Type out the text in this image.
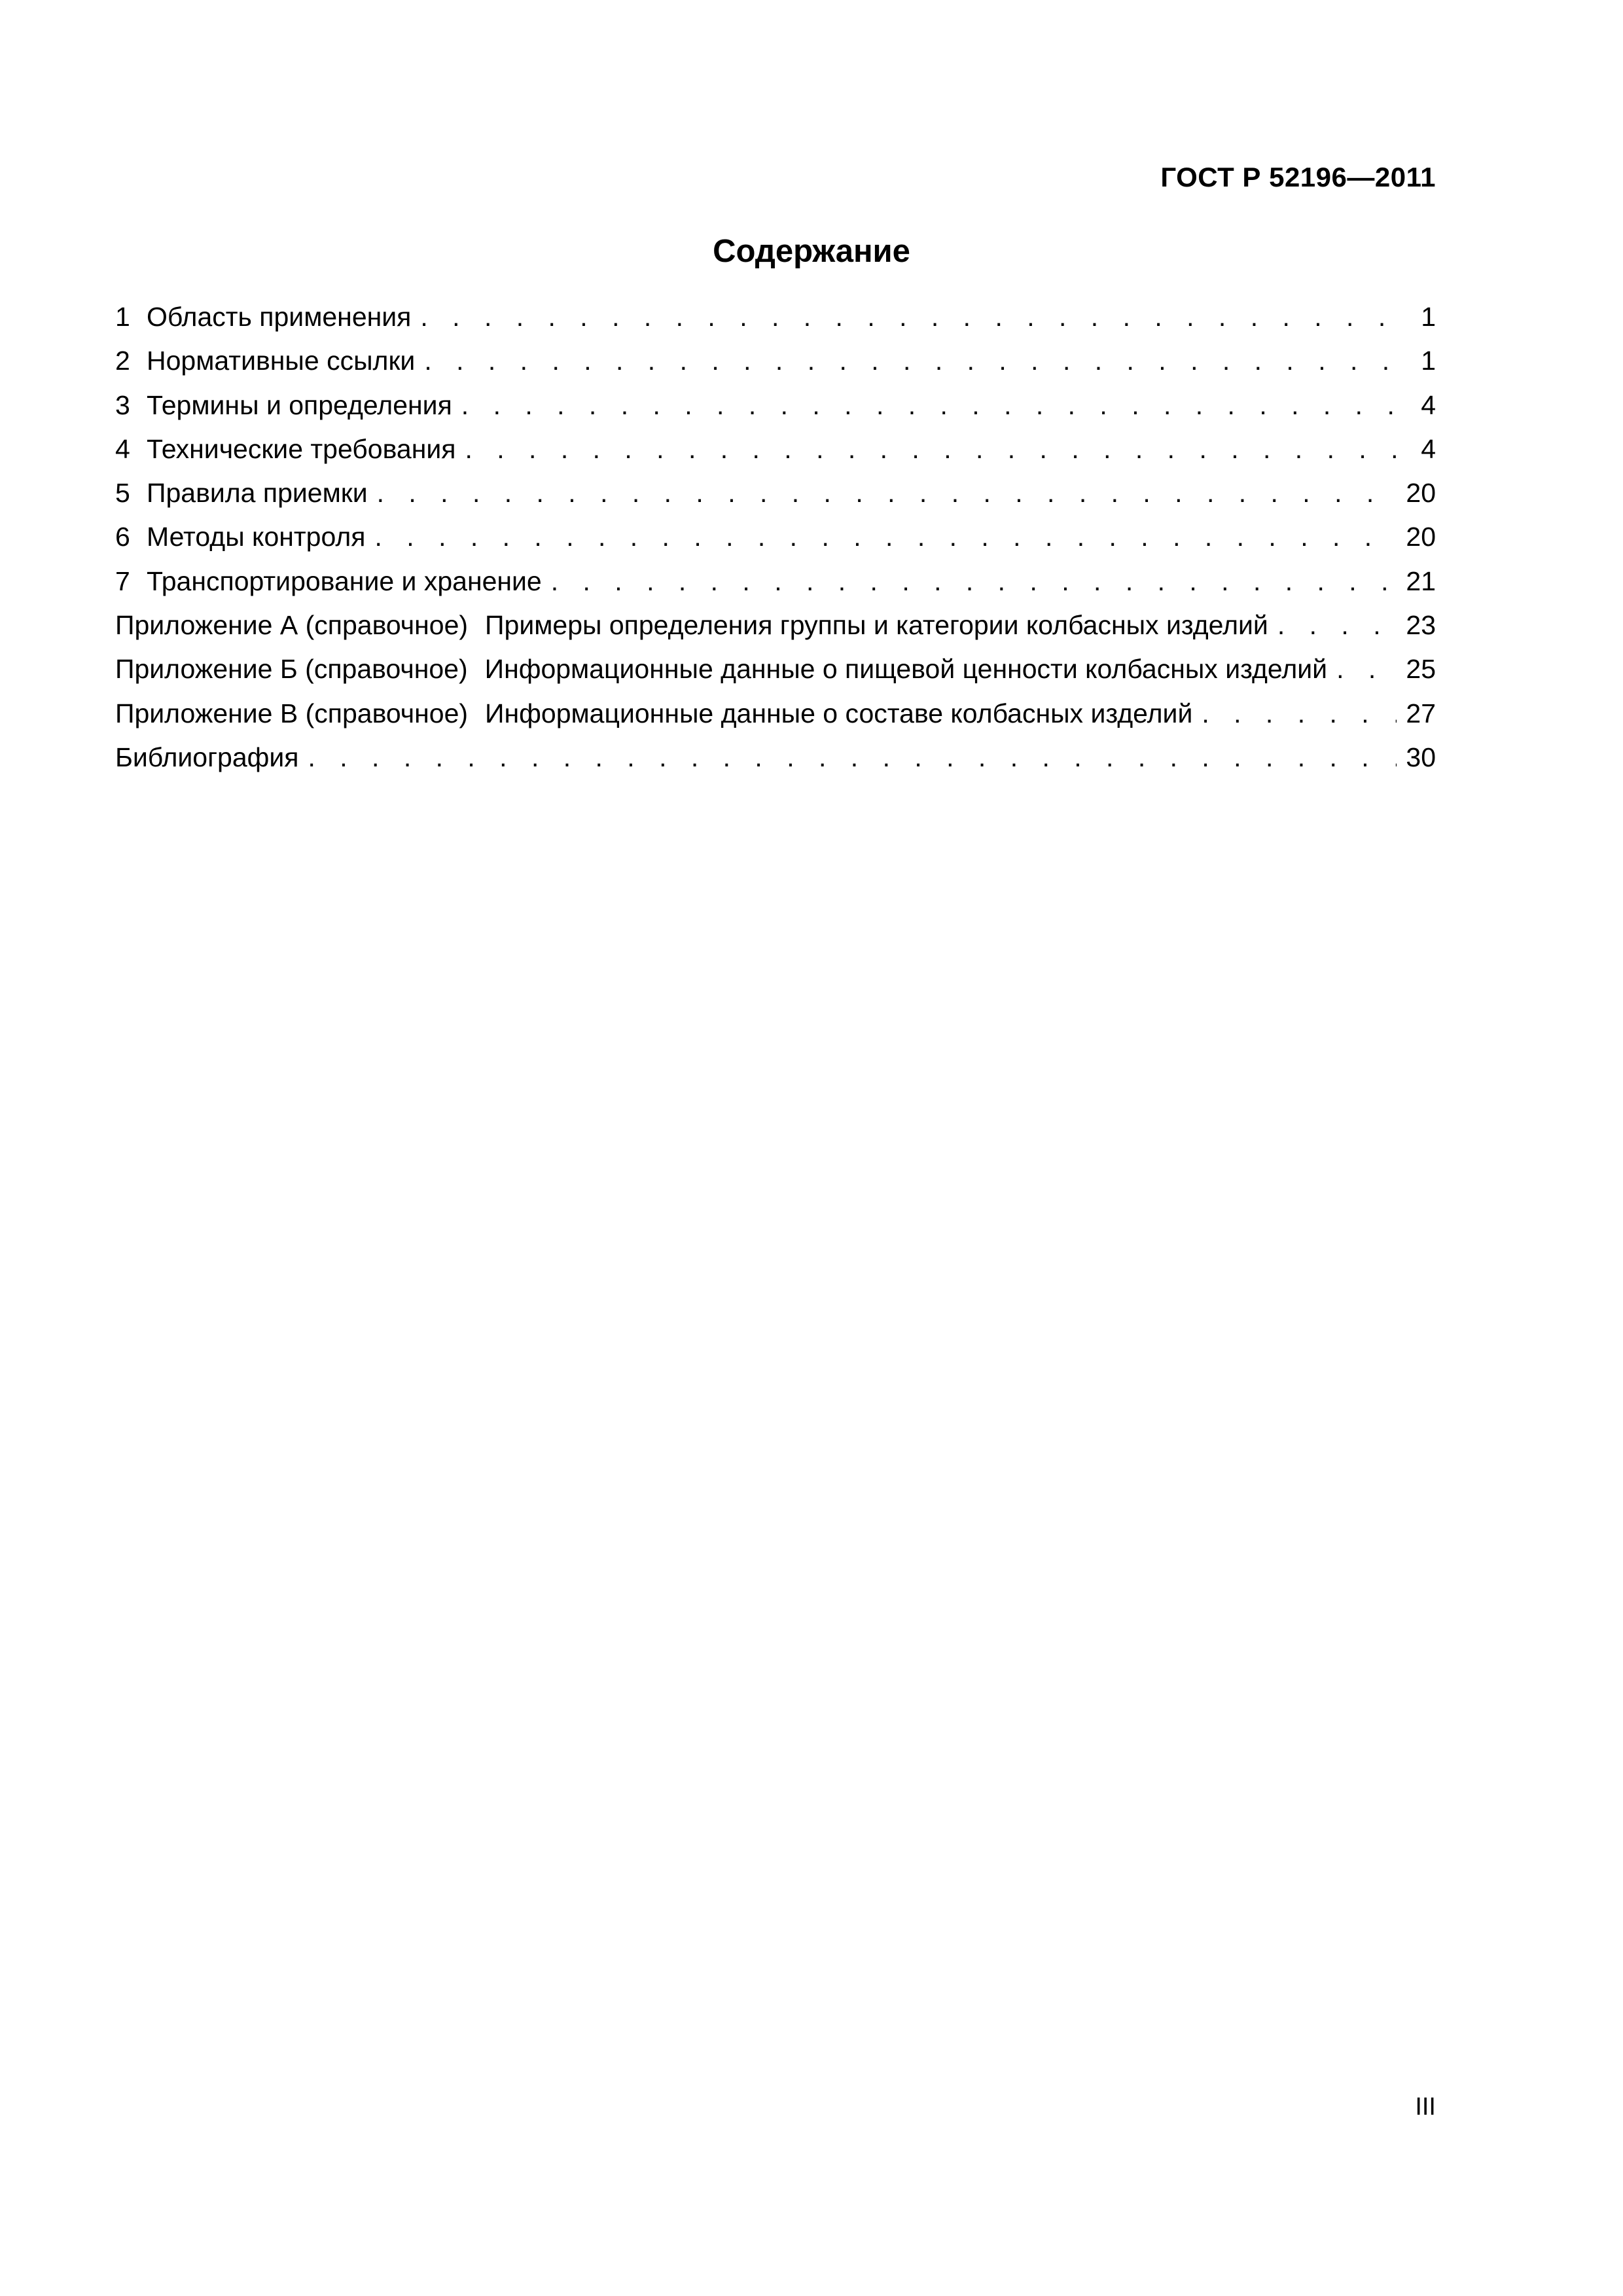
ГОСТ Р 52196—2011
Содержание
1 Область применения . . .	1
2 Нормативные ссылки . . .	1
3 Термины и определения . . .	4
4 Технические требования . . .	4
5 Правила приемки . . .	20
6 Методы контроля . . .	20
7 Транспортирование и хранение . . .	21
Приложение А (справочное) Примеры определения группы и категории колбасных изделий . . .	23
Приложение Б (справочное) Информационные данные о пищевой ценности колбасных изделий . . .	25
Приложение В (справочное) Информационные данные о составе колбасных изделий . . .	27
Библиография . . .	30
III
